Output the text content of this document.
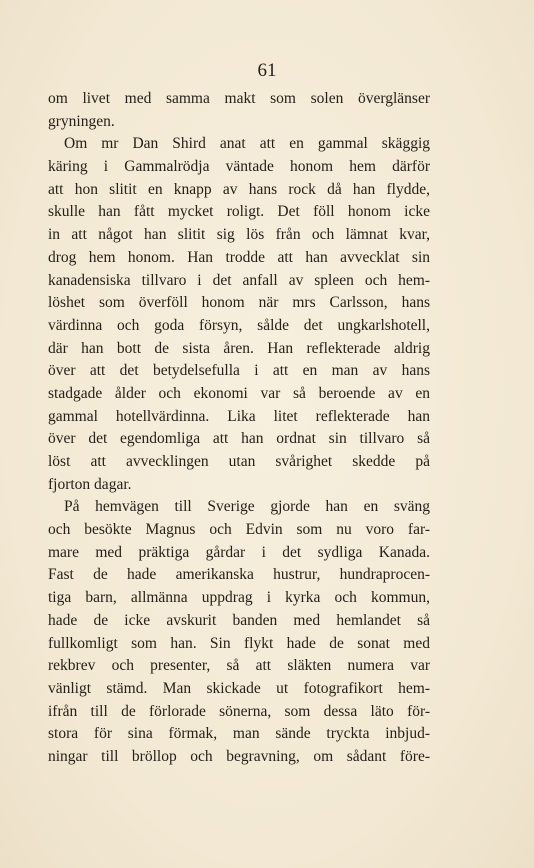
61
om livet med samma makt som solen överglänser
gryningen.
Om mr Dan Shird anat att en gammal skäggig
käring i Gammalrödja väntade honom hem därför
att hon slitit en knapp av hans rock då han flydde,
skulle han fått mycket roligt. Det föll honom icke
in att något han slitit sig lös från och lämnat kvar,
drog hem honom. Han trodde att han avvecklat sin
kanadensiska tillvaro i det anfall av spleen och hem-
löshet som överföll honom när mrs Carlsson, hans
värdinna och goda försyn, sålde det ungkarlshotell,
där han bott de sista åren. Han reflekterade aldrig
över att det betydelsefulla i att en man av hans
stadgade ålder och ekonomi var så beroende av en
gammal hotellvärdinna. Lika litet reflekterade han
över det egendomliga att han ordnat sin tillvaro så
löst att avvecklingen utan svårighet skedde på
fjorton dagar.
På hemvägen till Sverige gjorde han en sväng
och besökte Magnus och Edvin som nu voro far-
mare med präktiga gårdar i det sydliga Kanada.
Fast de hade amerikanska hustrur, hundraprocen-
tiga barn, allmänna uppdrag i kyrka och kommun,
hade de icke avskurit banden med hemlandet så
fullkomligt som han. Sin flykt hade de sonat med
rekbrev och presenter, så att släkten numera var
vänligt stämd. Man skickade ut fotografikort hem-
ifrån till de förlorade sönerna, som dessa läto för-
stora för sina förmak, man sände tryckta inbjud-
ningar till bröllop och begravning, om sådant före-
